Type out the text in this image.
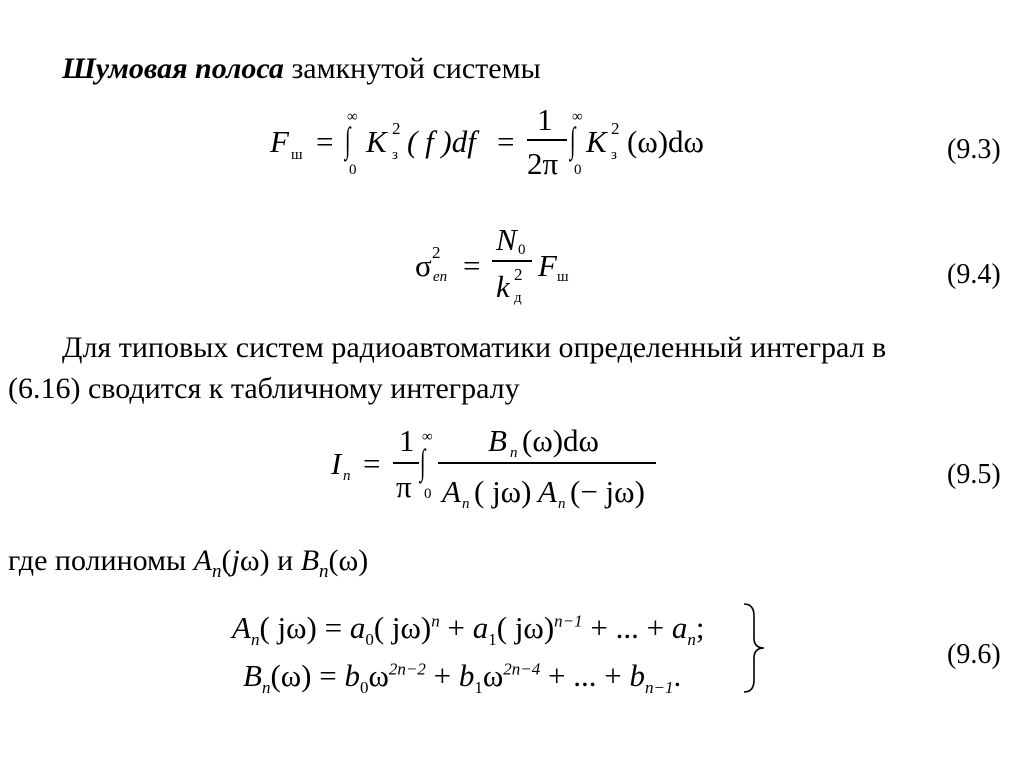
Шумовая полоса замкнутой системы
F ш =
∞
∫
0
K 2
з ( f )df =
1
2π
∞
∫
0
K 2
з (ω)dω	(9.3)
σ 2
еп =
N 0
k 2
д
F ш	(9.4)
Для типовых систем радиоавтоматики определенный интеграл в
(6.16) сводится к табличному интегралу
I n =
1
π
∞
∫
0
B n (ω)dω
A n ( jω) A n (− jω)	(9.5)
где полиномы $A_n(j\omega)$ и $B_n(\omega)$
$A_n$( $j\omega) = a_0$( $j\omega)^n + a_1$( jω)$^{n-1}$ + ... + $a_n$;
$B_n(\omega) = b_0\omega^{2n-2} + b_1\omega^{2n-4}$ + ... + $b_{n-1}$.
(9.6)
